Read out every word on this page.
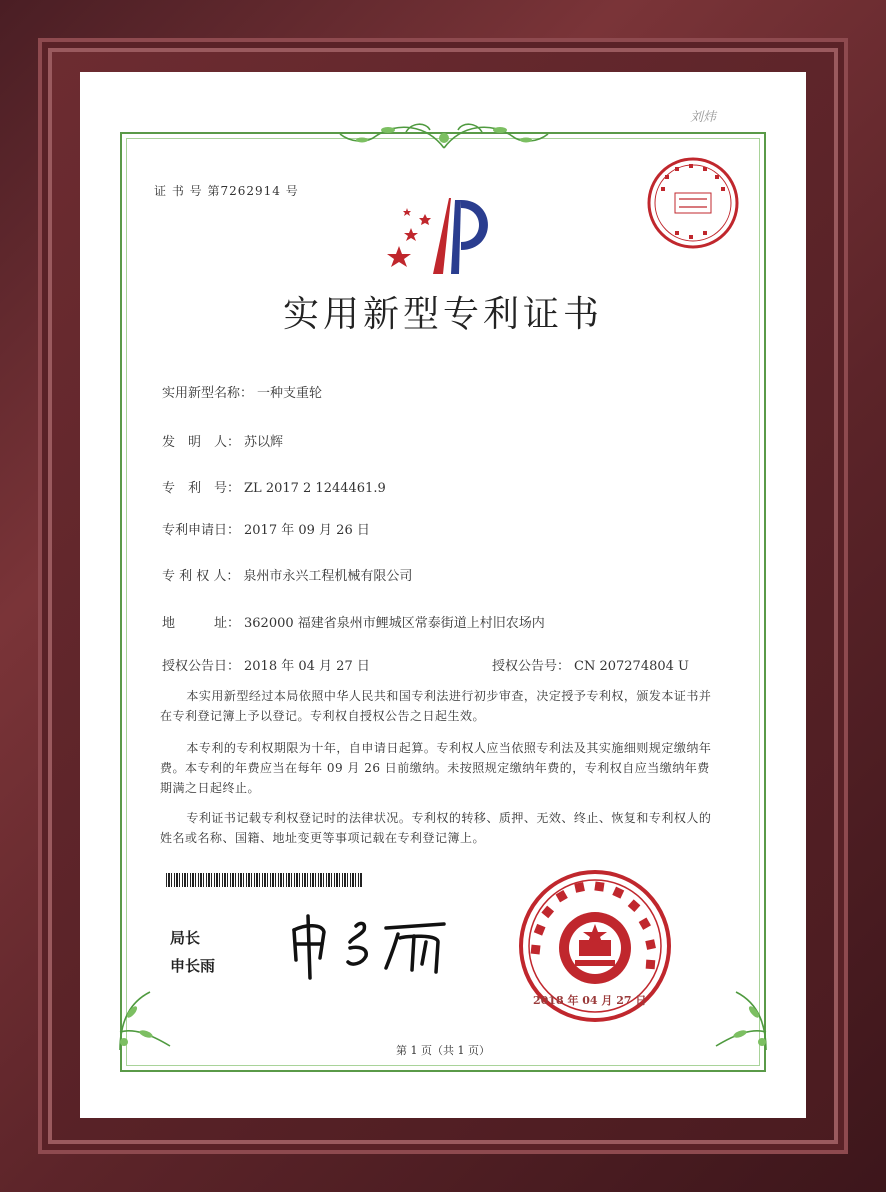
证 书 号 第7262914 号
刘炜
实用新型专利证书
实用新型名称： 一种支重轮
发　明　人： 苏以辉
专　利　号： ZL 2017 2 1244461.9
专利申请日： 2017 年 09 月 26 日
专 利 权 人： 泉州市永兴工程机械有限公司
地　　　址： 362000 福建省泉州市鲤城区常泰街道上村旧农场内
授权公告日： 2018 年 04 月 27 日	授权公告号： CN 207274804 U
本实用新型经过本局依照中华人民共和国专利法进行初步审查，决定授予专利权，颁发本证书并在专利登记簿上予以登记。专利权自授权公告之日起生效。
本专利的专利权期限为十年，自申请日起算。专利权人应当依照专利法及其实施细则规定缴纳年费。本专利的年费应当在每年 09 月 26 日前缴纳。未按照规定缴纳年费的，专利权自应当缴纳年费期满之日起终止。
专利证书记载专利权登记时的法律状况。专利权的转移、质押、无效、终止、恢复和专利权人的姓名或名称、国籍、地址变更等事项记载在专利登记簿上。
局长
申长雨
2018 年 04 月 27 日
第 1 页（共 1 页）
